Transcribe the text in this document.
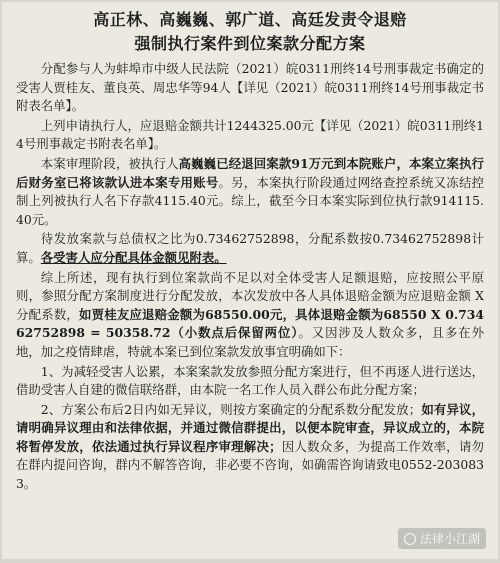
高正林、高巍巍、郭广道、高廷发责令退赔

强制执行案件到位案款分配方案

分配参与人为蚌埠市中级人民法院（2021）皖0311刑终14号刑事裁定书确定的受害人贾桂友、董良英、周忠华等94人【详见（2021）皖0311刑终14号刑事裁定书附表名单】。

上列申请执行人，应退赔金额共计1244325.00元【详见（2021）皖0311刑终14号刑事裁定书附表名单】。

本案审理阶段，被执行人高巍巍已经退回案款91万元到本院账户，本案立案执行后财务室已将该款认进本案专用账号。另，本案执行阶段通过网络查控系统又冻结控制上列被执行人名下存款4115.40元。综上，截至今日本案实际到位执行款914115.40元。

待发放案款与总债权之比为0.73462752898，分配系数按0.73462752898计算。各受害人应分配具体金额见附表。

综上所述，现有执行到位案款尚不足以对全体受害人足额退赔，应按照公平原则，参照分配方案制度进行分配发放，本次发放中各人具体退赔金额为应退赔金额 X 分配系数，如贾桂友应退赔金额为68550.00元，具体退赔金额为68550 X 0.73462752898 = 50358.72（小数点后保留两位）。又因涉及人数众多，且多在外地，加之疫情肆虐，特就本案已到位案款发放事宜明确如下：

1、为减轻受害人讼累，本案案款发放参照分配方案进行，但不再逐人进行送达，借助受害人自建的微信联络群，由本院一名工作人员入群公布此分配方案；

2、方案公布后2日内如无异议，则按方案确定的分配系数分配发放；如有异议，请明确异议理由和法律依据，并通过微信群提出，以便本院审查，异议成立的，本院将暂停发放，依法通过执行异议程序审理解决；因人数众多，为提高工作效率，请勿在群内提问咨询，群内不解答咨询，非必要不咨询，如确需咨询请致电0552-2030833。

法律小江湖
